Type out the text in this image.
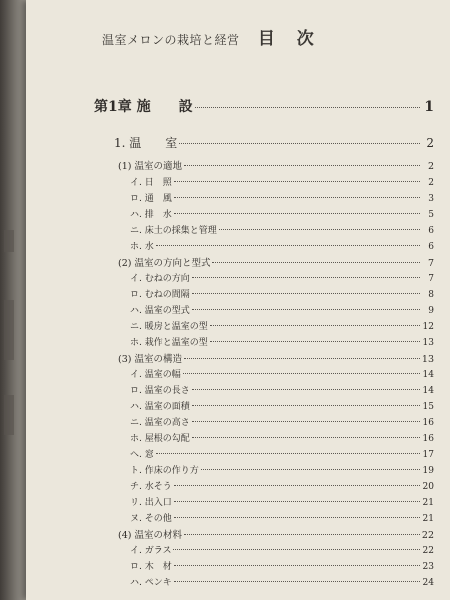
温室メロンの栽培と経営 目 次
第1章 施　　設	1
1. 温　　室	2
(1) 温室の適地	2
イ. 日　照	2
ロ. 通　風	3
ハ. 排　水	5
ニ. 床土の採集と管理	6
ホ. 水	6
(2) 温室の方向と型式	7
イ. むねの方向	7
ロ. むねの間隔	8
ハ. 温室の型式	9
ニ. 暖房と温室の型	12
ホ. 栽作と温室の型	13
(3) 温室の構造	13
イ. 温室の幅	14
ロ. 温室の長さ	14
ハ. 温室の面積	15
ニ. 温室の高さ	16
ホ. 屋根の勾配	16
ヘ. 窓	17
ト. 作床の作り方	19
チ. 水そう	20
リ. 出入口	21
ヌ. その他	21
(4) 温室の材料	22
イ. ガラス	22
ロ. 木　材	23
ハ. ペンキ	24
